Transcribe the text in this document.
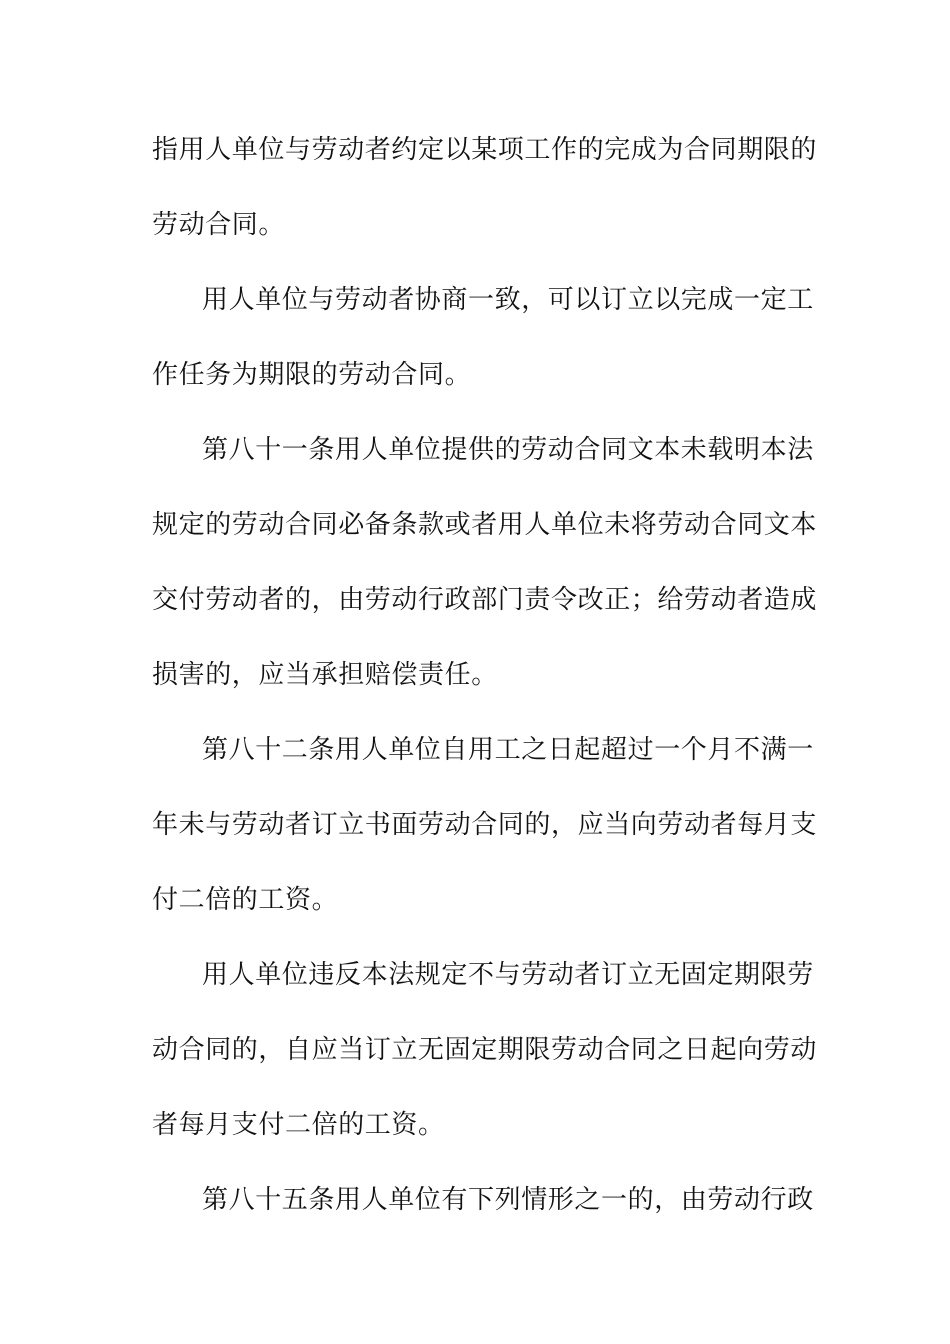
指用人单位与劳动者约定以某项工作的完成为合同期限的
劳动合同。
用人单位与劳动者协商一致，可以订立以完成一定工
作任务为期限的劳动合同。
第八十一条用人单位提供的劳动合同文本未载明本法
规定的劳动合同必备条款或者用人单位未将劳动合同文本
交付劳动者的，由劳动行政部门责令改正；给劳动者造成
损害的，应当承担赔偿责任。
第八十二条用人单位自用工之日起超过一个月不满一
年未与劳动者订立书面劳动合同的，应当向劳动者每月支
付二倍的工资。
用人单位违反本法规定不与劳动者订立无固定期限劳
动合同的，自应当订立无固定期限劳动合同之日起向劳动
者每月支付二倍的工资。
第八十五条用人单位有下列情形之一的，由劳动行政
